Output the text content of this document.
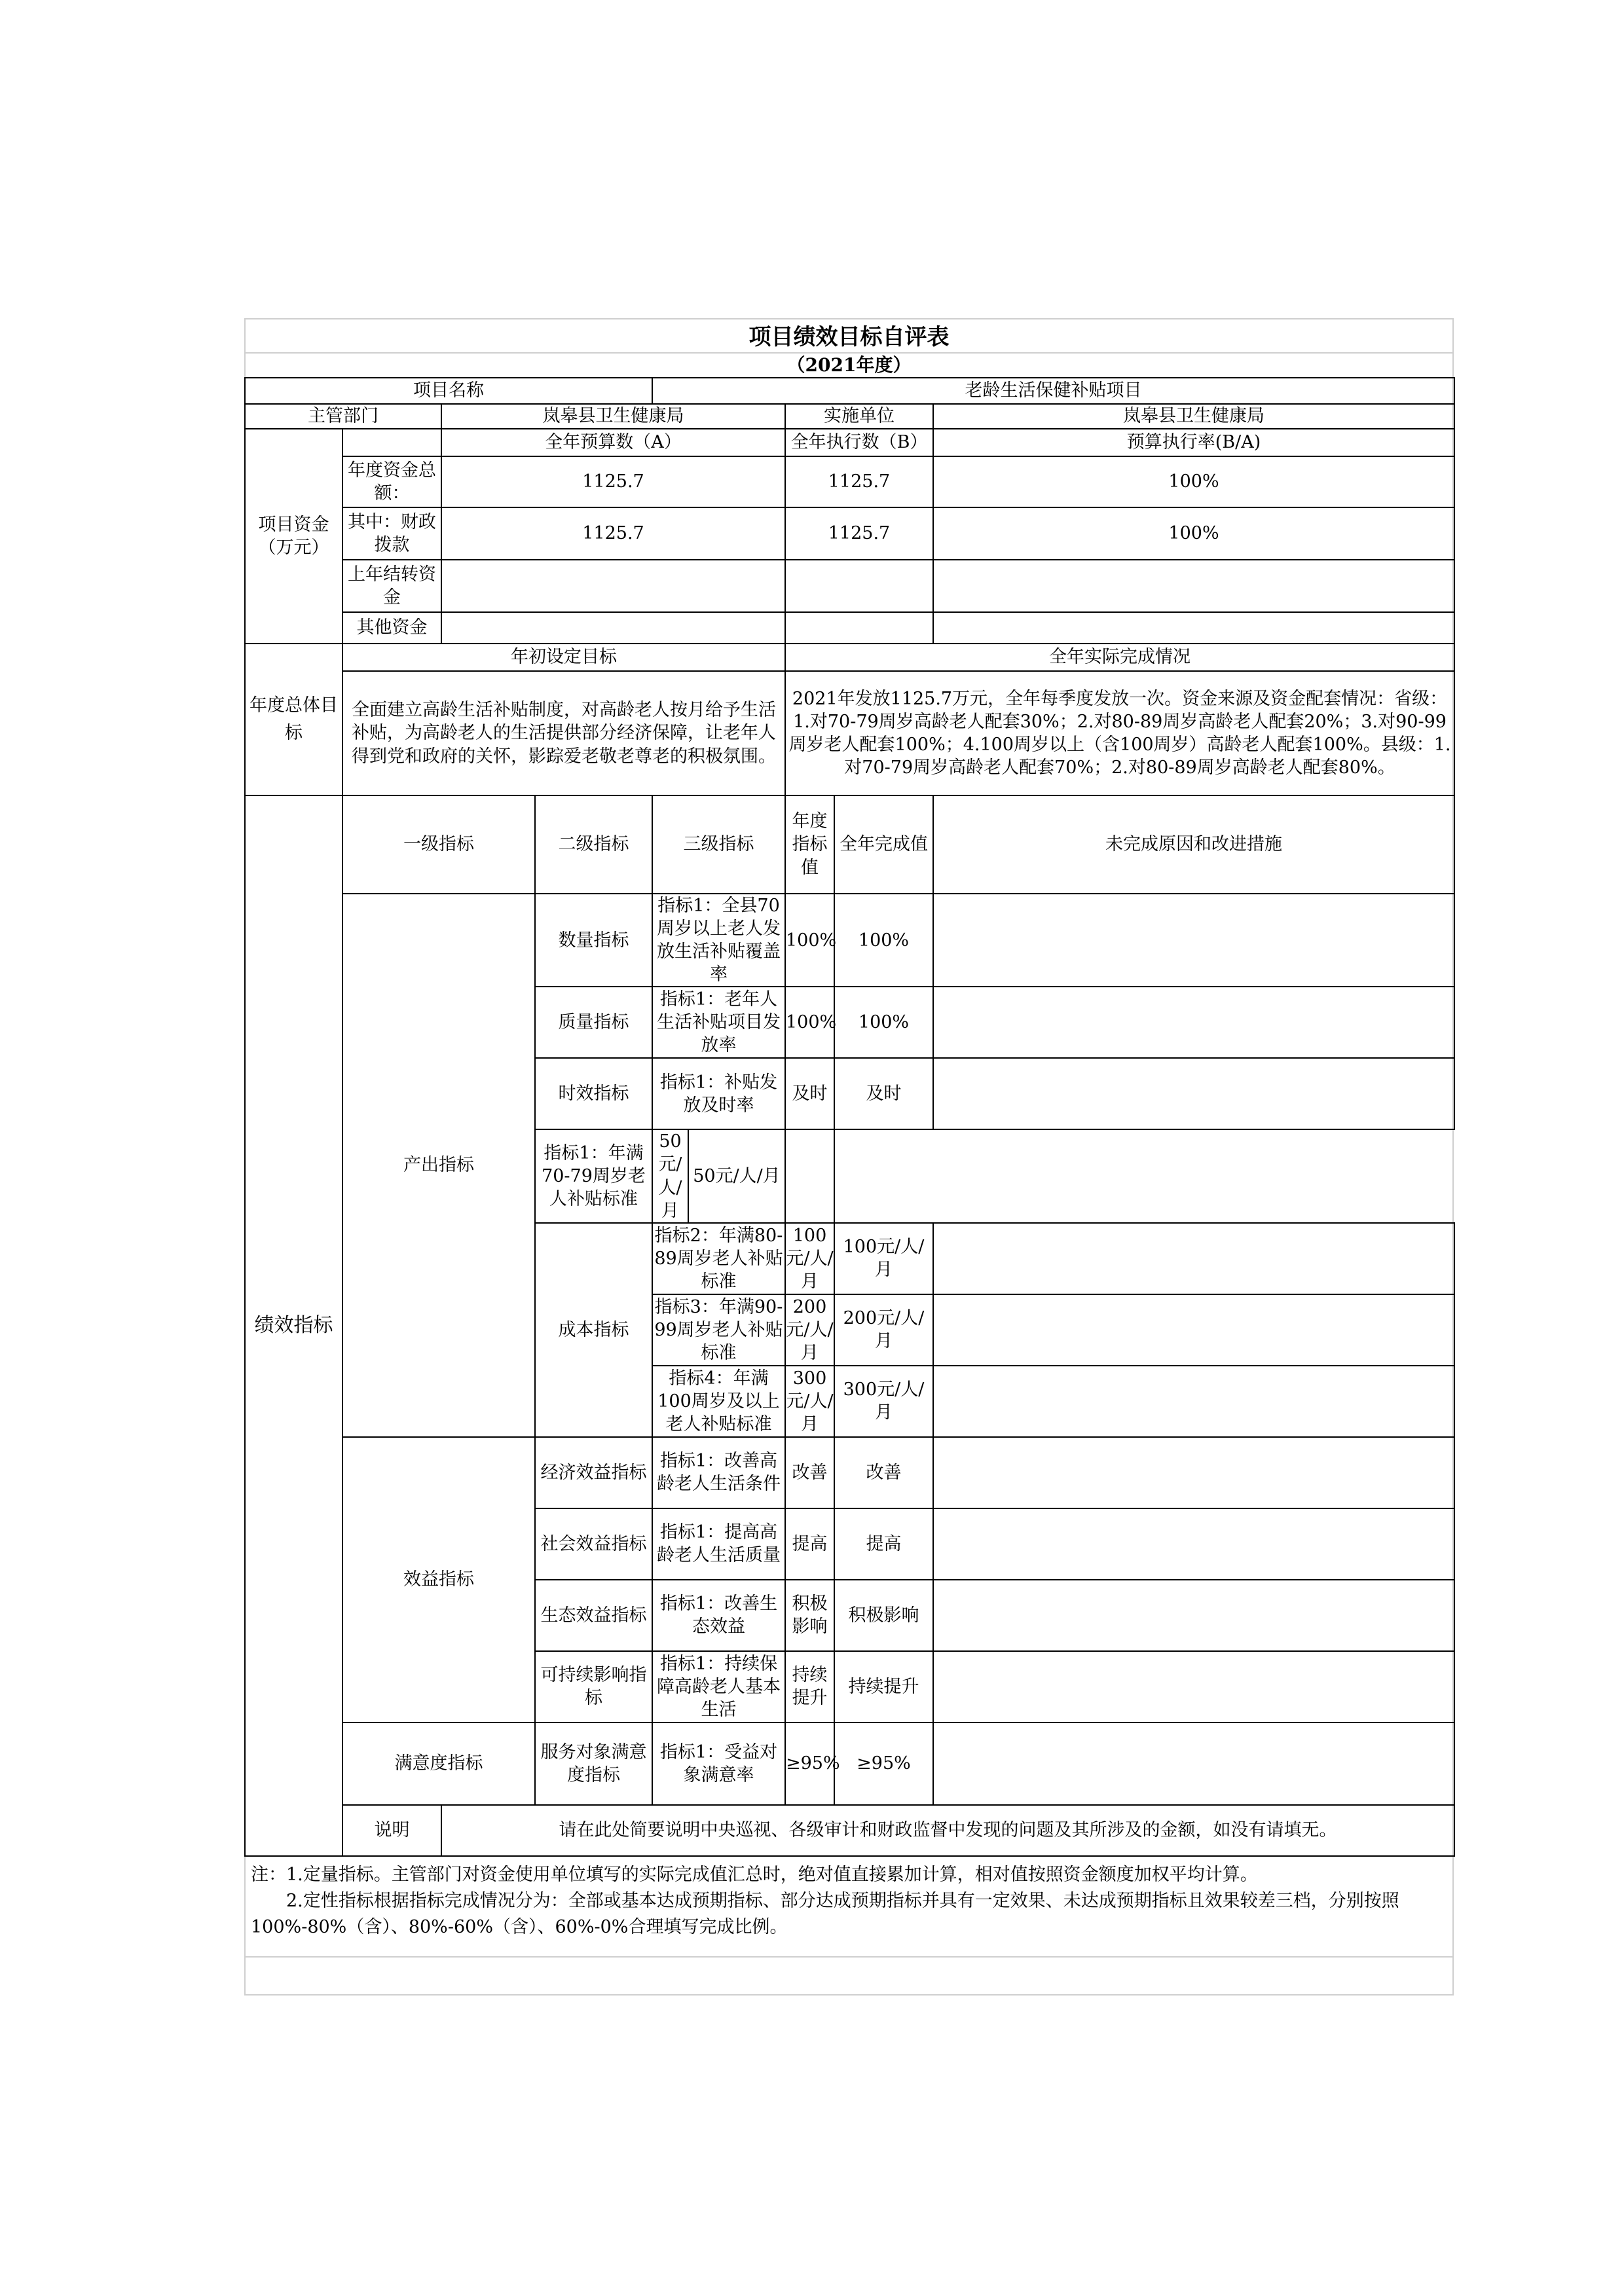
项目绩效目标自评表
（2021年度）
项目名称				老龄生活保健补贴项目				
主管部门		岚皋县卫生健康局				实施单位		岚皋县卫生健康局
项目资金（万元）		全年预算数（A）				全年执行数（B）		预算执行率(B/A)
	年度资金总额：	1125.7				1125.7		100%
	其中：财政拨款	1125.7				1125.7		100%
	上年结转资金							
	其他资金							
年度总体目标	年初设定目标					全年实际完成情况		
	全面建立高龄生活补贴制度，对高龄老人按月给予生活补贴，为高龄老人的生活提供部分经济保障，让老年人得到党和政府的关怀，影踪爱老敬老尊老的积极氛围。					2021年发放1125.7万元，全年每季度发放一次。资金来源及资金配套情况：省级：1.对70-79周岁高龄老人配套30%；2.对80-89周岁高龄老人配套20%；3.对90-99周岁老人配套100%；4.100周岁以上（含100周岁）高龄老人配套100%。县级：1.对70-79周岁高龄老人配套70%；2.对80-89周岁高龄老人配套80%。		
绩效指标	一级指标		二级指标	三级指标		年度指标值	全年完成值	未完成原因和改进措施
	产出指标		数量指标	指标1：全县70周岁以上老人发放生活补贴覆盖率		100%	100%	
			质量指标	指标1：老年人生活补贴项目发放率		100%	100%	
			时效指标	指标1：补贴发放及时率		及时	及时	
			指标1：年满70-79周岁老人补贴标准	50元/人/月	50元/人/月			
			成本指标	指标2：年满80-89周岁老人补贴标准		100元/人/月	100元/人/月	
				指标3：年满90-99周岁老人补贴标准		200元/人/月	200元/人/月	
				指标4：年满100周岁及以上老人补贴标准		300元/人/月	300元/人/月	
	效益指标		经济效益指标	指标1：改善高龄老人生活条件		改善	改善	
			社会效益指标	指标1：提高高龄老人生活质量		提高	提高	
			生态效益指标	指标1：改善生态效益		积极影响	积极影响	
			可持续影响指标	指标1：持续保障高龄老人基本生活		持续提升	持续提升	
	满意度指标		服务对象满意度指标	指标1：受益对象满意率		≥95%	≥95%	
	说明	请在此处简要说明中央巡视、各级审计和财政监督中发现的问题及其所涉及的金额，如没有请填无。						

注：1.定量指标。主管部门对资金使用单位填写的实际完成值汇总时，绝对值直接累加计算，相对值按照资金额度加权平均计算。

　　2.定性指标根据指标完成情况分为：全部或基本达成预期指标、部分达成预期指标并具有一定效果、未达成预期指标且效果较差三档，分别按照100%-80%（含）、80%-60%（含）、60%-0%合理填写完成比例。
